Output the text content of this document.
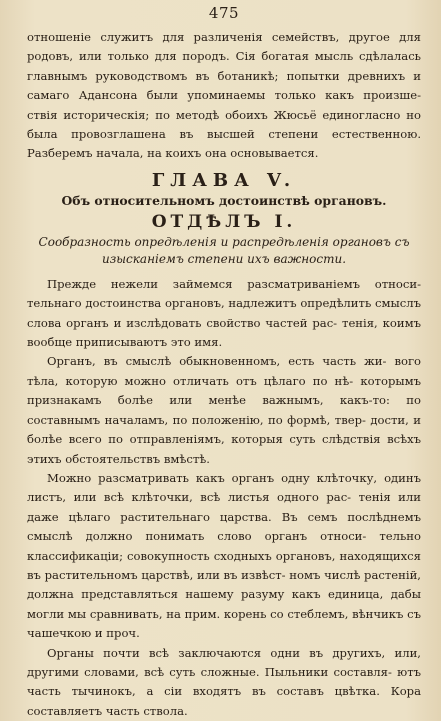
475

отношеніе служитъ для различенія семействъ, другое для родовъ, или только для породъ. Сія богатая мысль сдѣлалась главнымъ руководствомъ въ ботаникѣ; попытки древнихъ и самаго Адансона были упоминаемы только какъ произше- ствія историческія; по методѣ обоихъ Жюсьё единогласно но была провозглашена въ высшей степени естественною. Разберемъ начала, на коихъ она основывается.

ГЛАВА V.
Объ относительномъ достоинствѣ органовъ.
ОТДѢЛЪ I.
Сообразность опредѣленія и распредѣленія органовъ съ изысканіемъ степени ихъ важности.

Прежде нежели займемся разсматриваніемъ относи- тельнаго достоинства органовъ, надлежитъ опредѣлить смыслъ слова органъ и изслѣдовать свойство частей рас- тенія, коимъ вообще приписываютъ это имя.

Органъ, въ смыслѣ обыкновенномъ, есть часть жи- вого тѣла, которую можно отличать отъ цѣлаго по нѣ- которымъ признакамъ болѣе или менѣе важнымъ, какъ-то: по составнымъ началамъ, по положенію, по формѣ, твер- дости, и болѣе всего по отправленіямъ, которыя суть слѣдствія всѣхъ этихъ обстоятельствъ вмѣстѣ.

Можно разсматривать какъ органъ одну клѣточку, одинъ листъ, или всѣ клѣточки, всѣ листья одного рас- тенія или даже цѣлаго растительнаго царства. Въ семъ послѣднемъ смыслѣ должно понимать слово органъ относи- тельно классификаціи; совокупность сходныхъ органовъ, находящихся въ растительномъ царствѣ, или въ извѣст- номъ числѣ растеній, должна представляться нашему разуму какъ единица, дабы могли мы сравнивать, на прим. корень со стеблемъ, вѣнчикъ съ чашечкою и проч.

Органы почти всѣ заключаются одни въ другихъ, или, другими словами, всѣ суть сложные. Пыльники составля- ютъ часть тычинокъ, а сіи входятъ въ составъ цвѣтка. Кора составляетъ часть ствола.
